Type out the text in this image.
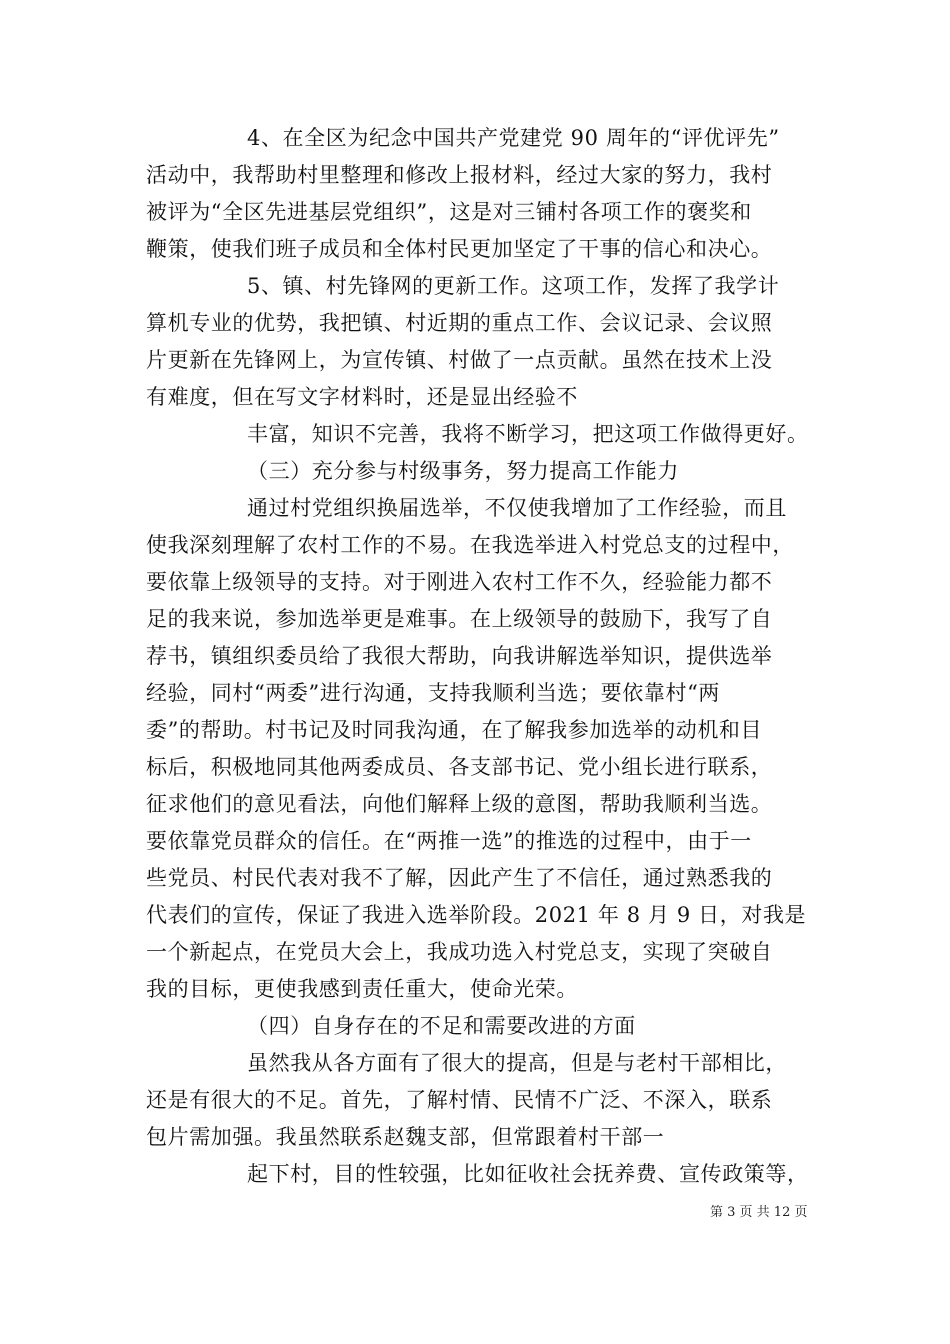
4、在全区为纪念中国共产党建党 90 周年的“评优评先”
活动中，我帮助村里整理和修改上报材料，经过大家的努力，我村
被评为“全区先进基层党组织”，这是对三铺村各项工作的褒奖和
鞭策，使我们班子成员和全体村民更加坚定了干事的信心和决心。
5、镇、村先锋网的更新工作。这项工作，发挥了我学计
算机专业的优势，我把镇、村近期的重点工作、会议记录、会议照
片更新在先锋网上，为宣传镇、村做了一点贡献。虽然在技术上没
有难度，但在写文字材料时，还是显出经验不
丰富，知识不完善，我将不断学习，把这项工作做得更好。
（三）充分参与村级事务，努力提高工作能力
通过村党组织换届选举，不仅使我增加了工作经验，而且
使我深刻理解了农村工作的不易。在我选举进入村党总支的过程中，
要依靠上级领导的支持。对于刚进入农村工作不久，经验能力都不
足的我来说，参加选举更是难事。在上级领导的鼓励下，我写了自
荐书，镇组织委员给了我很大帮助，向我讲解选举知识，提供选举
经验，同村“两委”进行沟通，支持我顺利当选；要依靠村“两
委”的帮助。村书记及时同我沟通，在了解我参加选举的动机和目
标后，积极地同其他两委成员、各支部书记、党小组长进行联系，
征求他们的意见看法，向他们解释上级的意图，帮助我顺利当选。
要依靠党员群众的信任。在“两推一选”的推选的过程中，由于一
些党员、村民代表对我不了解，因此产生了不信任，通过熟悉我的
代表们的宣传，保证了我进入选举阶段。2021 年 8 月 9 日，对我是
一个新起点，在党员大会上，我成功选入村党总支，实现了突破自
我的目标，更使我感到责任重大，使命光荣。
（四）自身存在的不足和需要改进的方面
虽然我从各方面有了很大的提高，但是与老村干部相比，
还是有很大的不足。首先，了解村情、民情不广泛、不深入，联系
包片需加强。我虽然联系赵魏支部，但常跟着村干部一
起下村，目的性较强，比如征收社会抚养费、宣传政策等，
第 3 页 共 12 页
